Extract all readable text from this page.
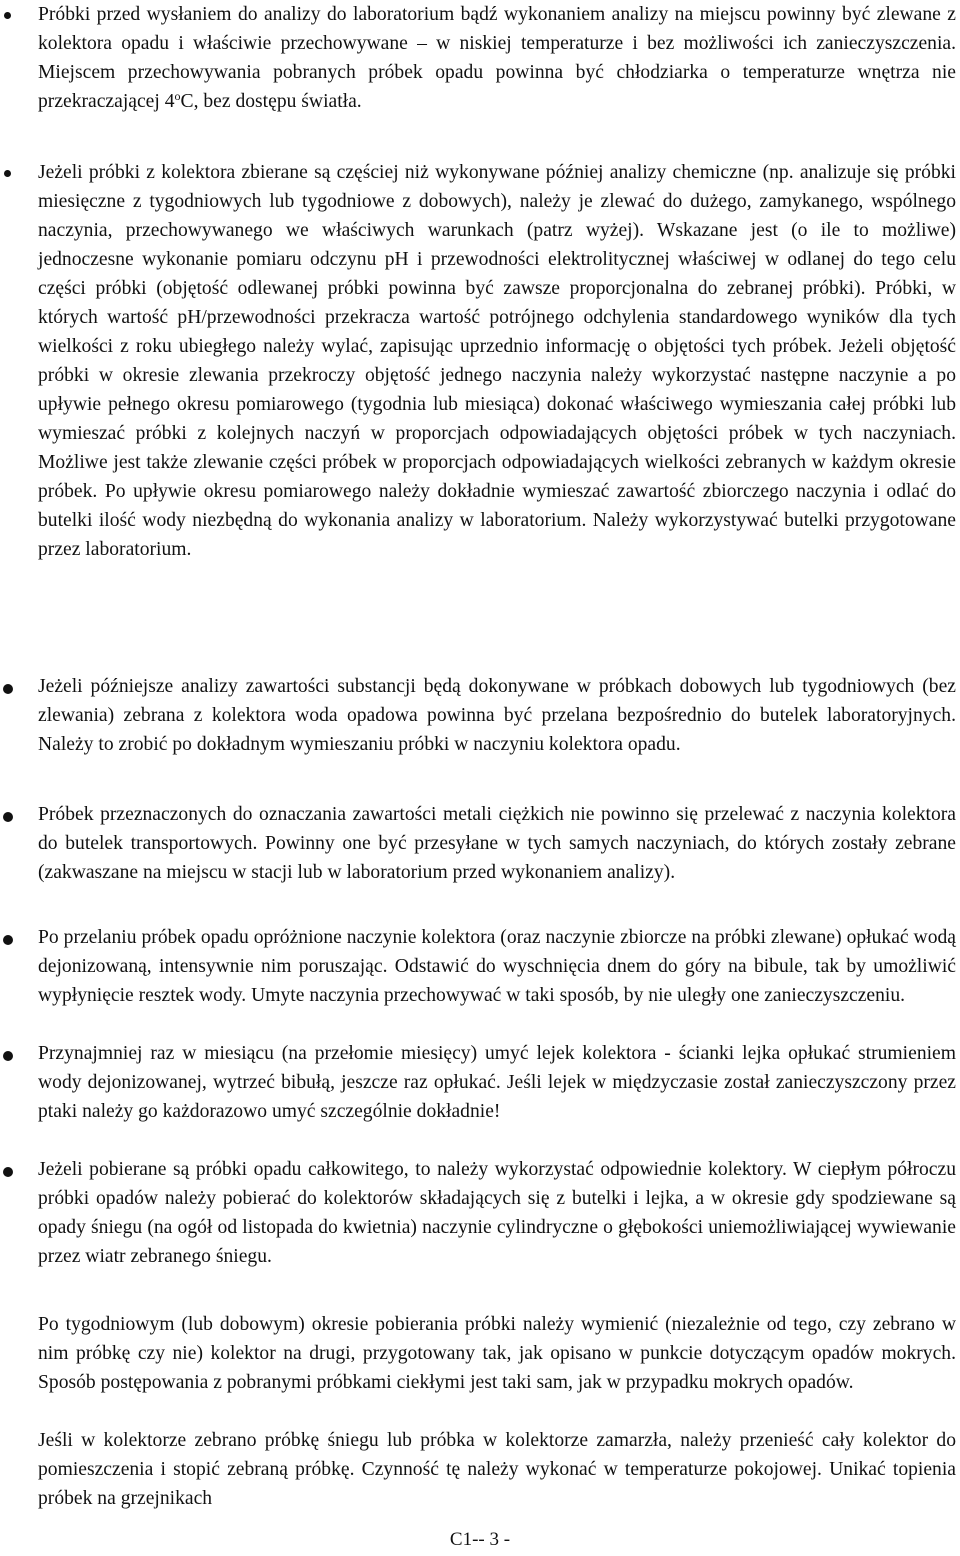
Próbki przed wysłaniem do analizy do laboratorium bądź wykonaniem analizy na miejscu powinny być zlewane z kolektora opadu i właściwie przechowywane – w niskiej temperaturze i bez możliwości ich zanieczyszczenia. Miejscem przechowywania pobranych próbek opadu powinna być chłodziarka o temperaturze wnętrza nie przekraczającej 4$^o$C, bez dostępu światła.

Jeżeli próbki z kolektora zbierane są częściej niż wykonywane później analizy chemiczne (np. analizuje się próbki miesięczne z tygodniowych lub tygodniowe z dobowych), należy je zlewać do dużego, zamykanego, wspólnego naczynia, przechowywanego we właściwych warunkach (patrz wyżej). Wskazane jest (o ile to możliwe) jednoczesne wykonanie pomiaru odczynu pH i przewodności elektrolitycznej właściwej w odlanej do tego celu części próbki (objętość odlewanej próbki powinna być zawsze proporcjonalna do zebranej próbki). Próbki, w których wartość pH/przewodności przekracza wartość potrójnego odchylenia standardowego wyników dla tych wielkości z roku ubiegłego należy wylać, zapisując uprzednio informację o objętości tych próbek. Jeżeli objętość próbki w okresie zlewania przekroczy objętość jednego naczynia należy wykorzystać następne naczynie a po upływie pełnego okresu pomiarowego (tygodnia lub miesiąca) dokonać właściwego wymieszania całej próbki lub wymieszać próbki z kolejnych naczyń w proporcjach odpowiadających objętości próbek w tych naczyniach. Możliwe jest także zlewanie części próbek w proporcjach odpowiadających wielkości zebranych w każdym okresie próbek. Po upływie okresu pomiarowego należy dokładnie wymieszać zawartość zbiorczego naczynia i odlać do butelki ilość wody niezbędną do wykonania analizy w laboratorium. Należy wykorzystywać butelki przygotowane przez laboratorium.

Jeżeli późniejsze analizy zawartości substancji będą dokonywane w próbkach dobowych lub tygodniowych (bez zlewania) zebrana z kolektora woda opadowa powinna być przelana bezpośrednio do butelek laboratoryjnych. Należy to zrobić po dokładnym wymieszaniu próbki w naczyniu kolektora opadu.

Próbek przeznaczonych do oznaczania zawartości metali ciężkich nie powinno się przelewać z naczynia kolektora do butelek transportowych. Powinny one być przesyłane w tych samych naczyniach, do których zostały zebrane (zakwaszane na miejscu w stacji lub w laboratorium przed wykonaniem analizy).

Po przelaniu próbek opadu opróżnione naczynie kolektora (oraz naczynie zbiorcze na próbki zlewane) opłukać wodą dejonizowaną, intensywnie nim poruszając. Odstawić do wyschnięcia dnem do góry na bibule, tak by umożliwić wypłynięcie resztek wody. Umyte naczynia przechowywać w taki sposób, by nie uległy one zanieczyszczeniu.

Przynajmniej raz w miesiącu (na przełomie miesięcy) umyć lejek kolektora - ścianki lejka opłukać strumieniem wody dejonizowanej, wytrzeć bibułą, jeszcze raz opłukać. Jeśli lejek w międzyczasie został zanieczyszczony przez ptaki należy go każdorazowo umyć szczególnie dokładnie!

Jeżeli pobierane są próbki opadu całkowitego, to należy wykorzystać odpowiednie kolektory. W ciepłym półroczu próbki opadów należy pobierać do kolektorów składających się z butelki i lejka, a w okresie gdy spodziewane są opady śniegu (na ogół od listopada do kwietnia) naczynie cylindryczne o głębokości uniemożliwiającej wywiewanie przez wiatr zebranego śniegu.

Po tygodniowym (lub dobowym) okresie pobierania próbki należy wymienić (niezależnie od tego, czy zebrano w nim próbkę czy nie) kolektor na drugi, przygotowany tak, jak opisano w punkcie dotyczącym opadów mokrych. Sposób postępowania z pobranymi próbkami ciekłymi jest taki sam, jak w przypadku mokrych opadów.

Jeśli w kolektorze zebrano próbkę śniegu lub próbka w kolektorze zamarzła, należy przenieść cały kolektor do pomieszczenia i stopić zebraną próbkę. Czynność tę należy wykonać w temperaturze pokojowej. Unikać topienia próbek na grzejnikach

C1-- 3 -
